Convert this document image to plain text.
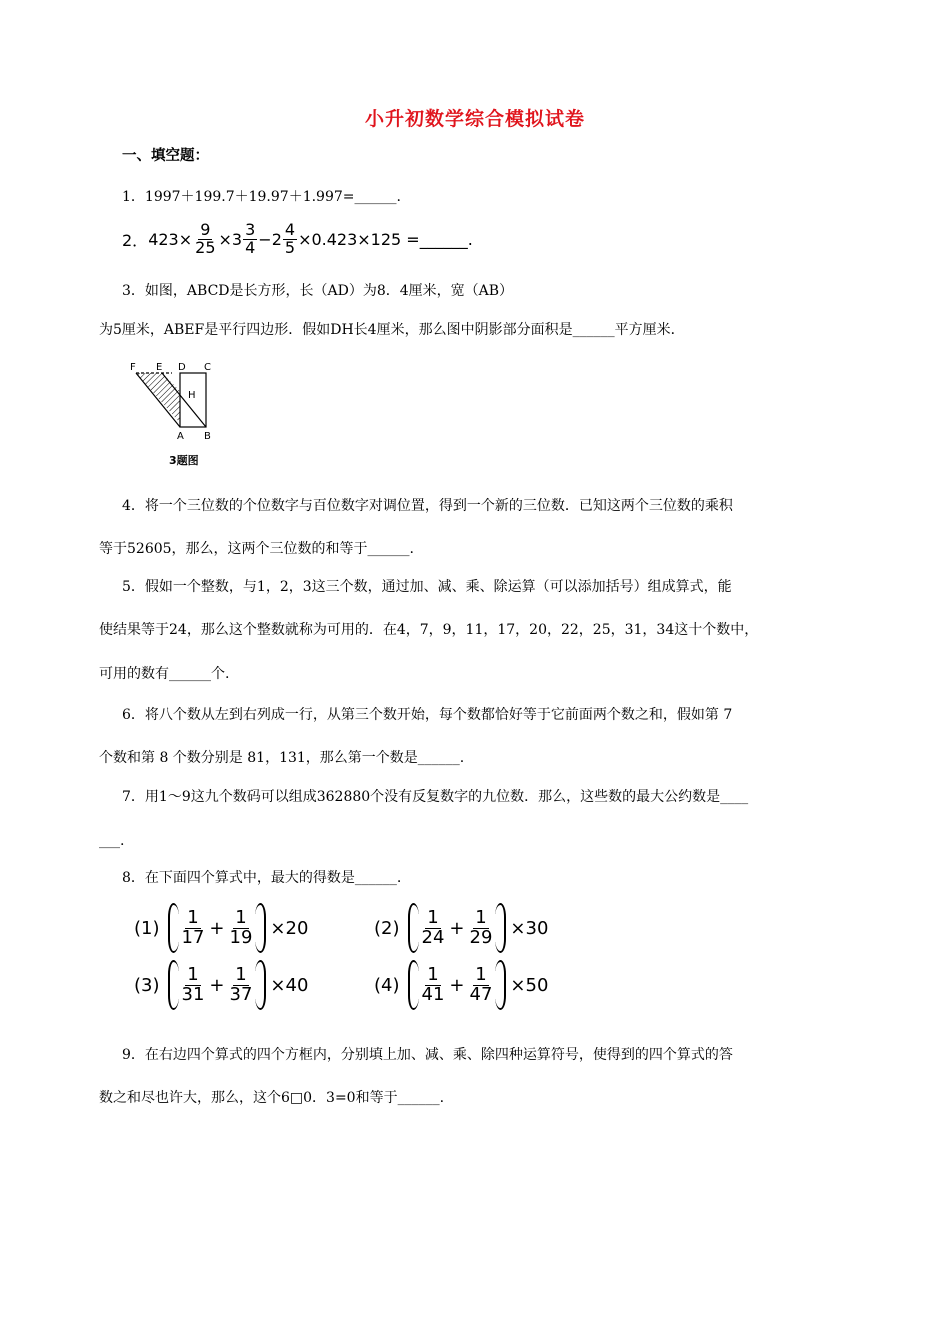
小升初数学综合模拟试卷
一、填空题：
1．1997＋199.7＋19.97＋1.997=______.
2． $423 \times \frac{9}{25} \times 3 \frac{3}{4} - 2 \frac{4}{5} \times 0.423\times 125$ =______.
3．如图，ABCD是长方形，长（AD）为8．4厘米，宽（AB）
为5厘米，ABEF是平行四边形．假如DH长4厘米，那么图中阴影部分面积是______平方厘米．
F E D C
H
A B
3题图
4．将一个三位数的个位数字与百位数字对调位置，得到一个新的三位数．已知这两个三位数的乘积
等于52605，那么，这两个三位数的和等于______.
5．假如一个整数，与1，2，3这三个数，通过加、减、乘、除运算（可以添加括号）组成算式，能
使结果等于24，那么这个整数就称为可用的．在4，7，9，11，17，20，22，25，31，34这十个数中，
可用的数有______个.
6．将八个数从左到右列成一行，从第三个数开始，每个数都恰好等于它前面两个数之和，假如第 7
个数和第 8 个数分别是 81，131，那么第一个数是______.
7．用1～9这九个数码可以组成362880个没有反复数字的九位数．那么，这些数的最大公约数是____
___.
8．在下面四个算式中，最大的得数是______.
$(1) \frac{1}{17} + \frac{1}{19} \times 20$	$(2) \frac{1}{24} + \frac{1}{29} \times 30$
$(3) \frac{1}{31} + \frac{1}{37} \times 40$	$(4) \frac{1}{41} + \frac{1}{47} \times 50$
9．在右边四个算式的四个方框内，分别填上加、减、乘、除四种运算符号，使得到的四个算式的答
数之和尽也许大，那么，这个6□0．3=0和等于______.
